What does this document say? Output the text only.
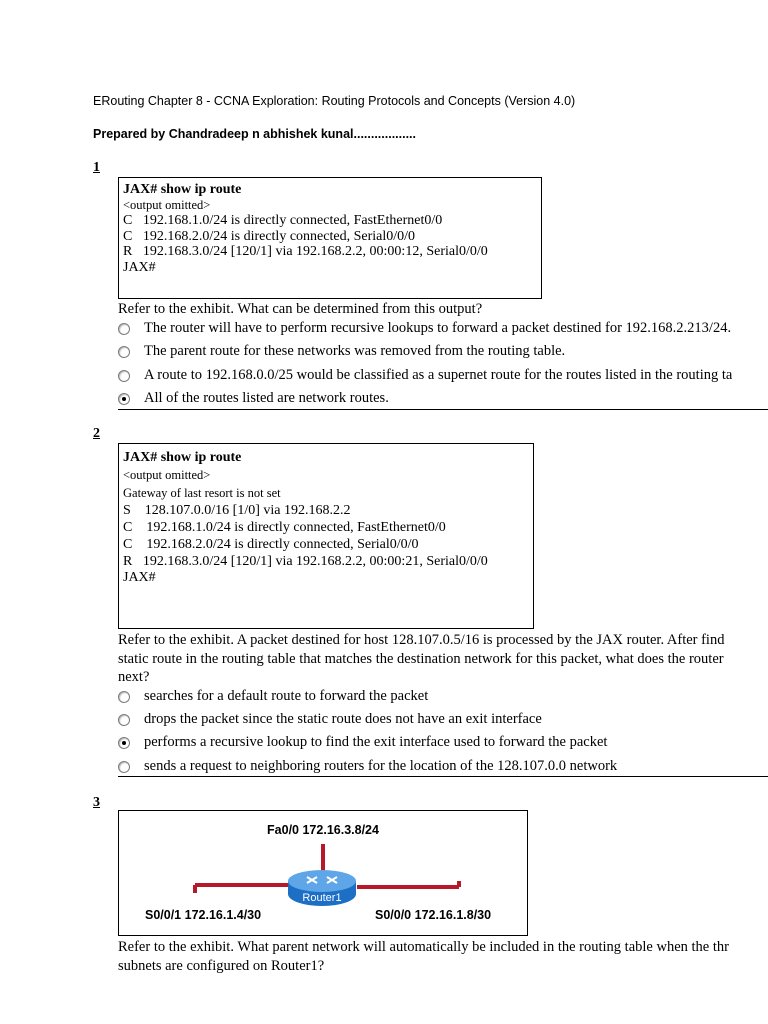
ERouting Chapter 8 - CCNA Exploration: Routing Protocols and Concepts (Version 4.0)
Prepared by Chandradeep n abhishek kunal..................
1
JAX# show ip route
<output omitted>
C   192.168.1.0/24 is directly connected, FastEthernet0/0
C   192.168.2.0/24 is directly connected, Serial0/0/0
R   192.168.3.0/24 [120/1] via 192.168.2.2, 00:00:12, Serial0/0/0
JAX#
Refer to the exhibit. What can be determined from this output?
The router will have to perform recursive lookups to forward a packet destined for 192.168.2.213/24.
The parent route for these networks was removed from the routing table.
A route to 192.168.0.0/25 would be classified as a supernet route for the routes listed in the routing ta
All of the routes listed are network routes.
2
JAX# show ip route
<output omitted>
Gateway of last resort is not set
S    128.107.0.0/16 [1/0] via 192.168.2.2
C    192.168.1.0/24 is directly connected, FastEthernet0/0
C    192.168.2.0/24 is directly connected, Serial0/0/0
R   192.168.3.0/24 [120/1] via 192.168.2.2, 00:00:21, Serial0/0/0
JAX#
Refer to the exhibit. A packet destined for host 128.107.0.5/16 is processed by the JAX router. After find
static route in the routing table that matches the destination network for this packet, what does the router
next?
searches for a default route to forward the packet
drops the packet since the static route does not have an exit interface
performs a recursive lookup to find the exit interface used to forward the packet
sends a request to neighboring routers for the location of the 128.107.0.0 network
3
Router1
Fa0/0 172.16.3.8/24
S0/0/1 172.16.1.4/30	S0/0/0 172.16.1.8/30
Refer to the exhibit. What parent network will automatically be included in the routing table when the thr
subnets are configured on Router1?
